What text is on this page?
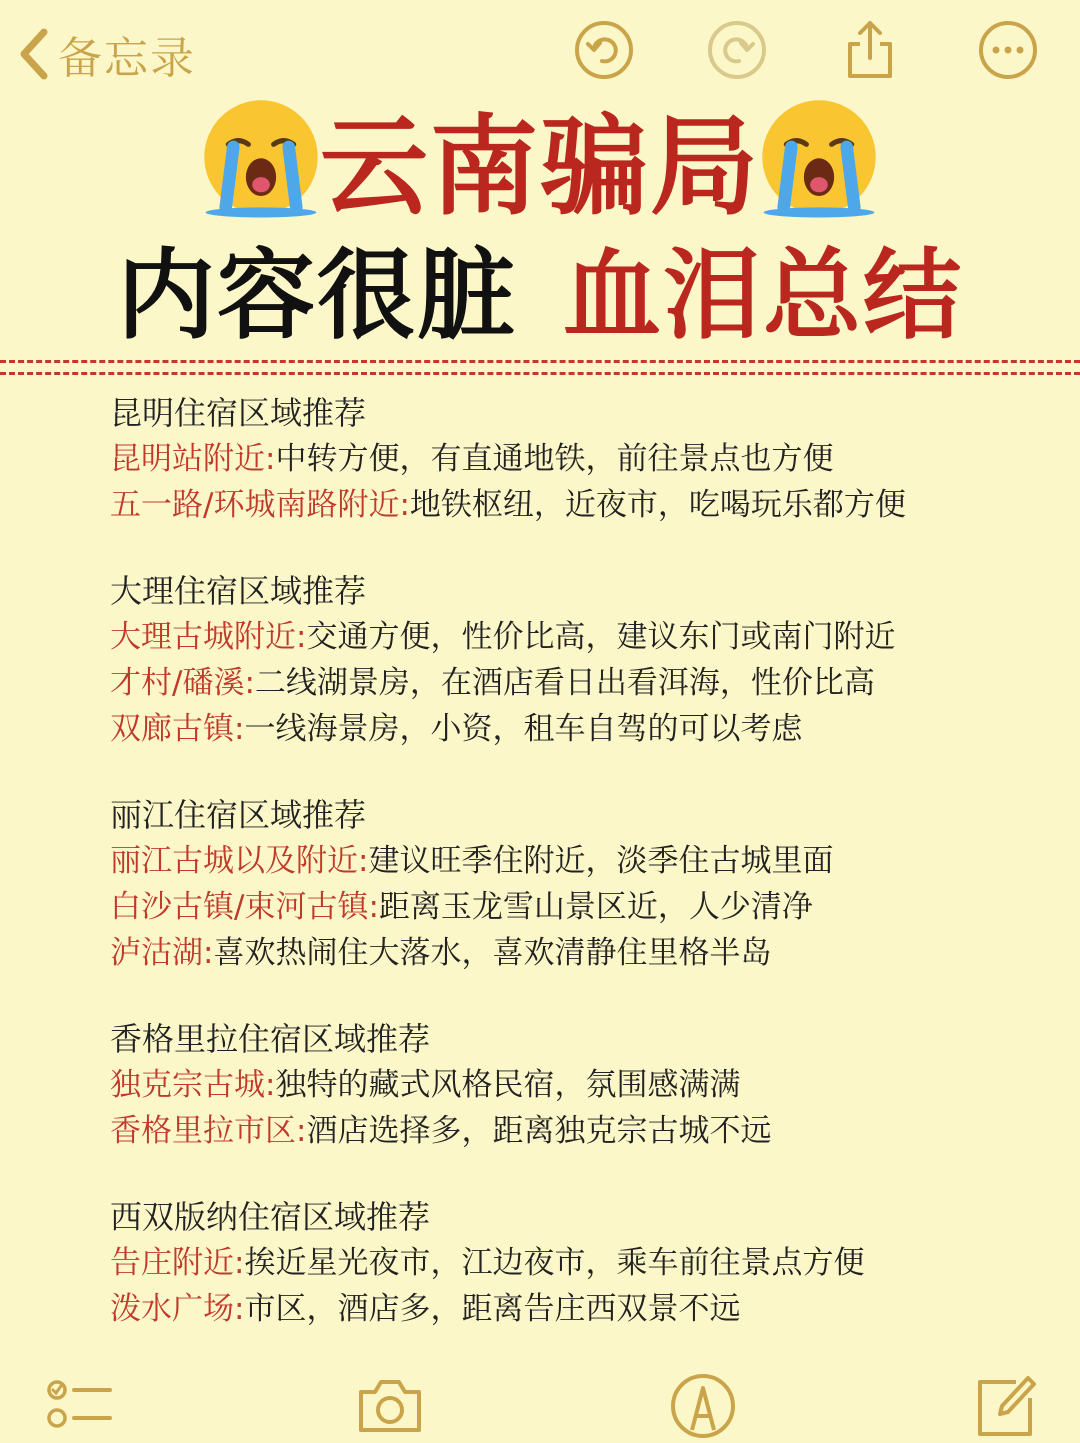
备忘录
云南骗局
内容很脏 血泪总结
昆明住宿区域推荐
昆明站附近:中转方便，有直通地铁，前往景点也方便
五一路/环城南路附近:地铁枢纽，近夜市，吃喝玩乐都方便
大理住宿区域推荐
大理古城附近:交通方便，性价比高，建议东门或南门附近
才村/磻溪:二线湖景房，在酒店看日出看洱海，性价比高
双廊古镇:一线海景房，小资，租车自驾的可以考虑
丽江住宿区域推荐
丽江古城以及附近:建议旺季住附近，淡季住古城里面
白沙古镇/束河古镇:距离玉龙雪山景区近，人少清净
泸沽湖:喜欢热闹住大落水，喜欢清静住里格半岛
香格里拉住宿区域推荐
独克宗古城:独特的藏式风格民宿，氛围感满满
香格里拉市区:酒店选择多，距离独克宗古城不远
西双版纳住宿区域推荐
告庄附近:挨近星光夜市，江边夜市，乘车前往景点方便
泼水广场:市区，酒店多，距离告庄西双景不远
